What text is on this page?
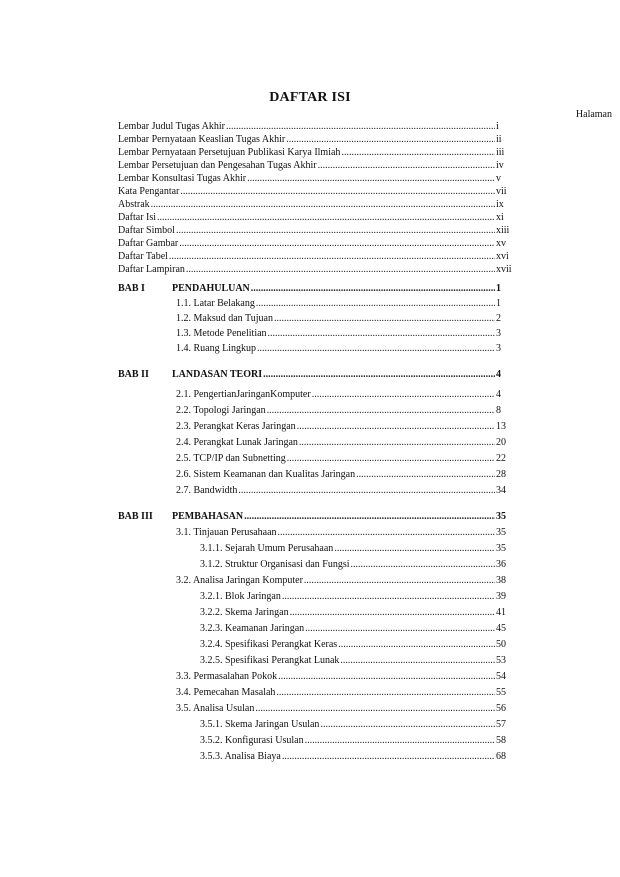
DAFTAR ISI
Halaman
Lembar Judul Tugas Akhir .....	i
Lembar Pernyataan Keaslian Tugas Akhir .....	ii
Lembar Pernyataan Persetujuan Publikasi Karya Ilmiah .....	iii
Lembar Persetujuan dan Pengesahan Tugas Akhir .....	iv
Lembar Konsultasi Tugas Akhir .....	v
Kata Pengantar .....	vii
Abstrak .....	ix
Daftar Isi .....	xi
Daftar Simbol .....	xiii
Daftar Gambar .....	xv
Daftar Tabel .....	xvi
Daftar Lampiran .....	xvii
BAB I	PENDAHULUAN .....	1
1.1. Latar Belakang .....	1
1.2. Maksud dan Tujuan .....	2
1.3. Metode Penelitian .....	3
1.4. Ruang Lingkup .....	3
BAB II LANDASAN TEORI .....	4
2.1. PengertianJaringanKomputer .....	4
2.2. Topologi Jaringan .....	8
2.3. Perangkat Keras Jaringan .....	13
2.4. Perangkat Lunak Jaringan .....	20
2.5. TCP/IP dan Subnetting .....	22
2.6. Sistem Keamanan dan Kualitas Jaringan .....	28
2.7. Bandwidth .....	34
BAB III PEMBAHASAN .....	35
3.1. Tinjauan Perusahaan .....	35
3.1.1. Sejarah Umum Perusahaan .....	35
3.1.2. Struktur Organisasi dan Fungsi .....	36
3.2. Analisa Jaringan Komputer .....	38
3.2.1. Blok Jaringan .....	39
3.2.2. Skema Jaringan .....	41
3.2.3. Keamanan Jaringan .....	45
3.2.4. Spesifikasi Perangkat Keras .....	50
3.2.5. Spesifikasi Perangkat Lunak .....	53
3.3. Permasalahan Pokok .....	54
3.4. Pemecahan Masalah .....	55
3.5. Analisa Usulan .....	56
3.5.1. Skema Jaringan Usulan .....	57
3.5.2. Konfigurasi Usulan .....	58
3.5.3. Analisa Biaya .....	68
